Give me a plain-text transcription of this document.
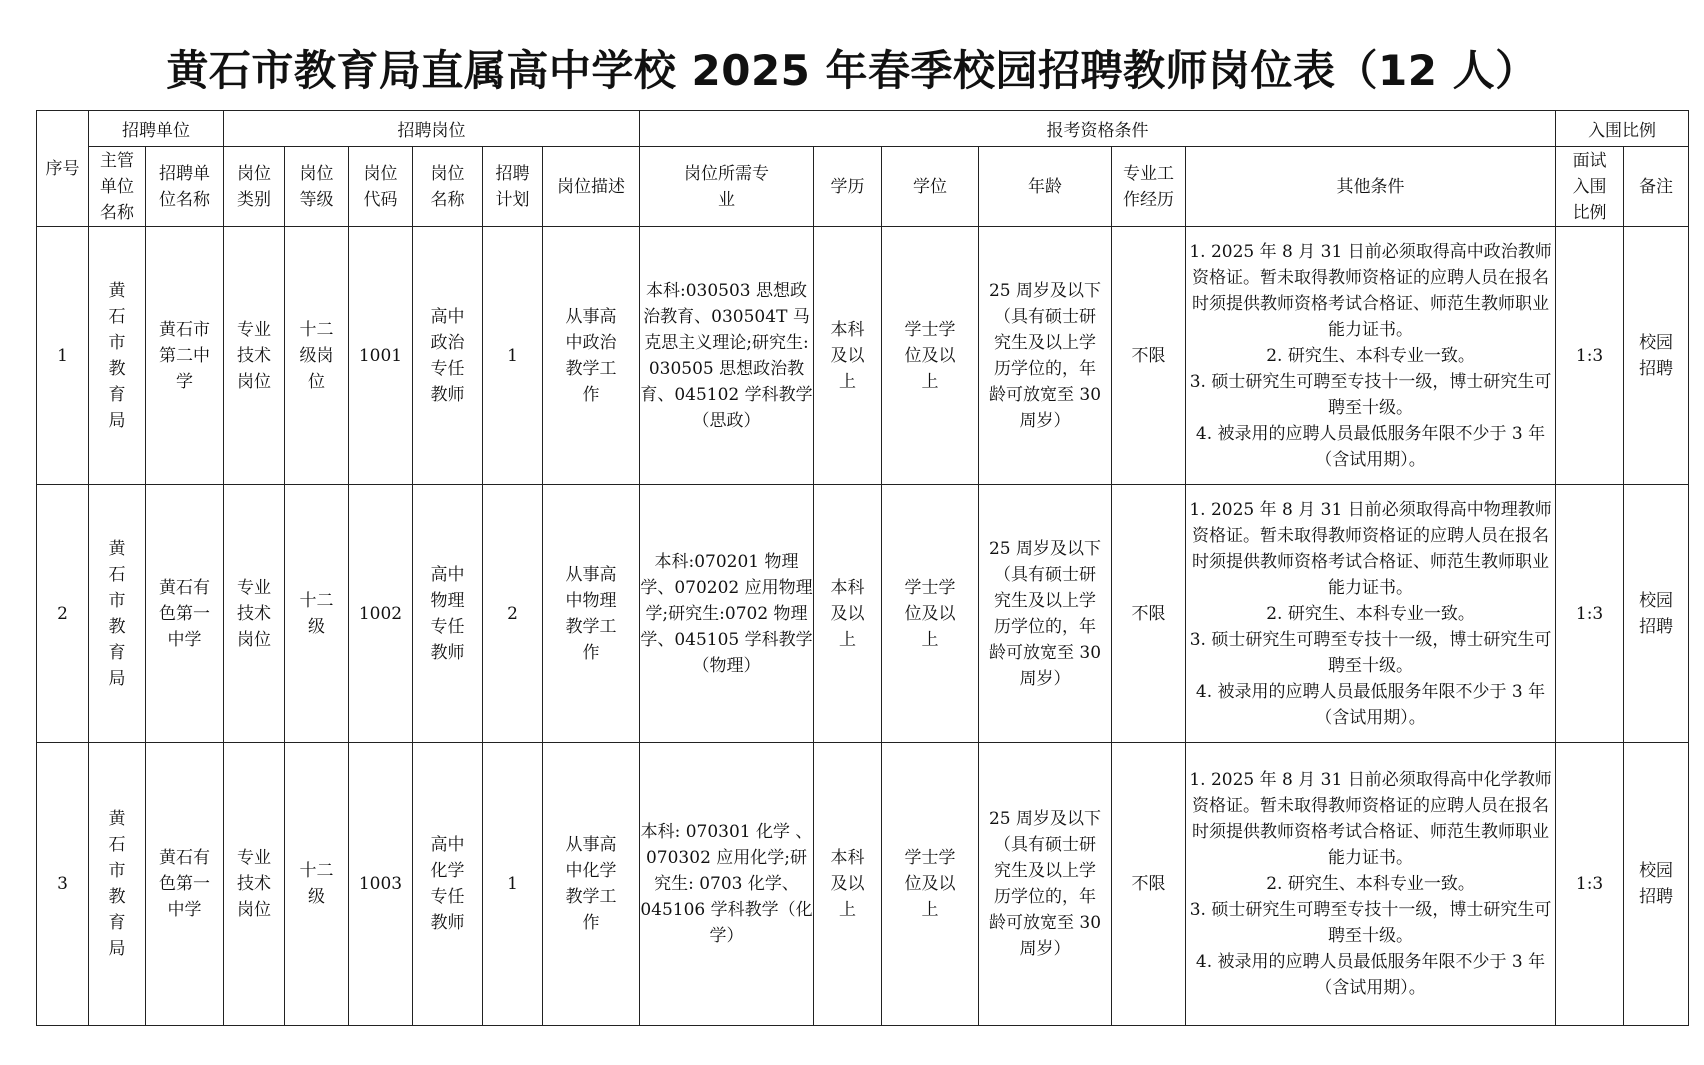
黄石市教育局直属高中学校 2025 年春季校园招聘教师岗位表（12 人）
序号	招聘单位		招聘岗位						报考资格条件						入围比例	
	主管单位名称	招聘单位名称	岗位类别	岗位等级	岗位代码	岗位名称	招聘计划	岗位描述	岗位所需专业	学历	学位	年龄	专业工作经历	其他条件	面试入围比例	备注
1	黄石市教育局	黄石市第二中学	专业技术岗位	十二级岗位	1001	高中政治专任教师	1	从事高中政治教学工作	本科:030503 思想政治教育、030504T 马克思主义理论;研究生: 030505 思想政治教育、045102 学科教学（思政）	本科及以上	学士学位及以上	25 周岁及以下（具有硕士研究生及以上学历学位的，年龄可放宽至 30 周岁）	不限	1. 2025 年 8 月 31 日前必须取得高中政治教师资格证。暂未取得教师资格证的应聘人员在报名时须提供教师资格考试合格证、师范生教师职业能力证书。
2. 研究生、本科专业一致。
3. 硕士研究生可聘至专技十一级，博士研究生可聘至十级。
4. 被录用的应聘人员最低服务年限不少于 3 年（含试用期）。	1:3	校园招聘
2	黄石市教育局	黄石有色第一中学	专业技术岗位	十二级	1002	高中物理专任教师	2	从事高中物理教学工作	本科:070201 物理学、070202 应用物理学;研究生:0702 物理学、045105 学科教学（物理）	本科及以上	学士学位及以上	25 周岁及以下（具有硕士研究生及以上学历学位的，年龄可放宽至 30 周岁）	不限	1. 2025 年 8 月 31 日前必须取得高中物理教师资格证。暂未取得教师资格证的应聘人员在报名时须提供教师资格考试合格证、师范生教师职业能力证书。
2. 研究生、本科专业一致。
3. 硕士研究生可聘至专技十一级，博士研究生可聘至十级。
4. 被录用的应聘人员最低服务年限不少于 3 年（含试用期）。	1:3	校园招聘
3	黄石市教育局	黄石有色第一中学	专业技术岗位	十二级	1003	高中化学专任教师	1	从事高中化学教学工作	本科: 070301 化学 、070302 应用化学;研究生: 0703 化学、045106 学科教学（化学）	本科及以上	学士学位及以上	25 周岁及以下（具有硕士研究生及以上学历学位的，年龄可放宽至 30 周岁）	不限	1. 2025 年 8 月 31 日前必须取得高中化学教师资格证。暂未取得教师资格证的应聘人员在报名时须提供教师资格考试合格证、师范生教师职业能力证书。
2. 研究生、本科专业一致。
3. 硕士研究生可聘至专技十一级，博士研究生可聘至十级。
4. 被录用的应聘人员最低服务年限不少于 3 年（含试用期）。	1:3	校园招聘
